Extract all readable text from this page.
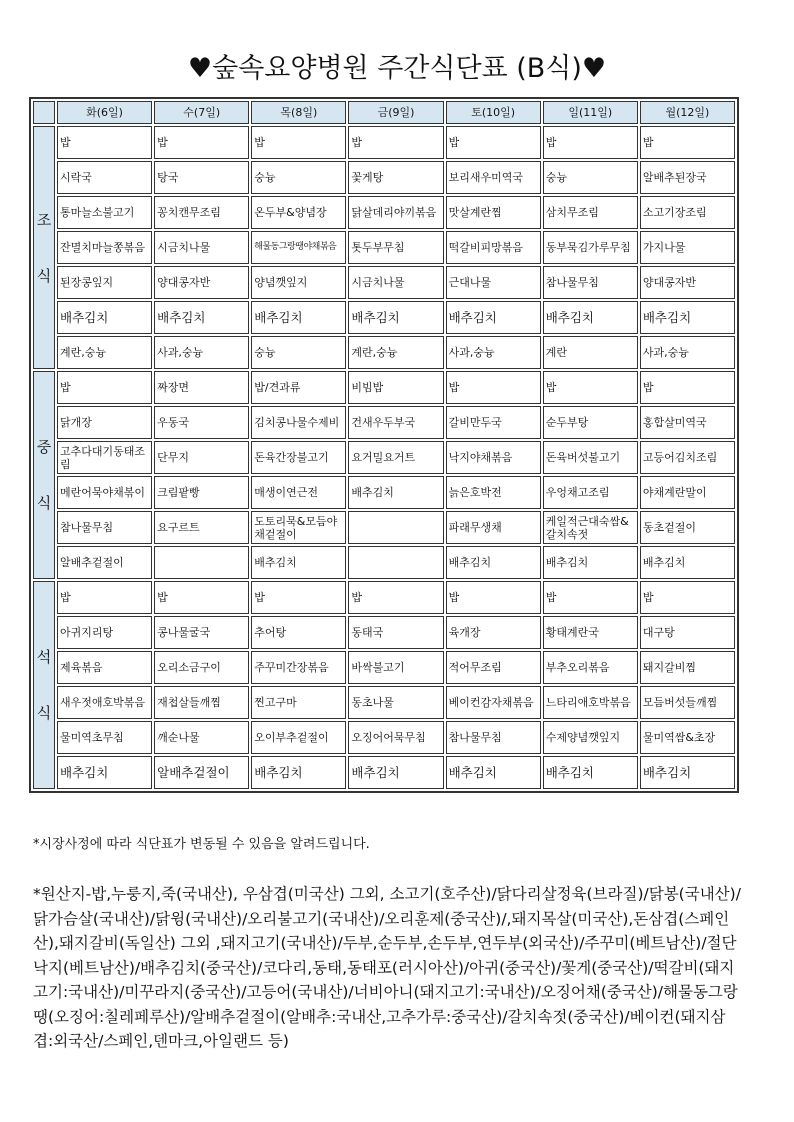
♥숲속요양병원 주간식단표 (B식)♥
	화(6일)	수(7일)	목(8일)	금(9일)	토(10일)	일(11일)	월(12일)
조

식	밥	밥	밥	밥	밥	밥	밥
	시락국	탕국	숭늉	꽃게탕	보리새우미역국	숭늉	알배추된장국
	통마늘소불고기	꽁치캔무조림	온두부&양념장	닭살데리야끼볶음	맛살계란찜	삼치무조림	소고기장조림
	잔멸치마늘쫑볶음	시금치나물	해물동그랑땡야채볶음	톳두부무침	떡갈비피망볶음	동부묵김가루무침	가지나물
	된장콩잎지	양대콩자반	양념깻잎지	시금치나물	근대나물	참나물무침	양대콩자반
	배추김치	배추김치	배추김치	배추김치	배추김치	배추김치	배추김치
	계란,숭늉	사과,숭늉	숭늉	계란,숭늉	사과,숭늉	계란	사과,숭늉
중

식	밥	짜장면	밥/견과류	비빔밥	밥	밥	밥
	닭개장	우동국	김치콩나물수제비	건새우두부국	갈비만두국	순두부탕	홍합살미역국
	고추다대기동태조림	단무지	돈육간장불고기	요거밀요거트	낙지야채볶음	돈육버섯불고기	고등어김치조림
	메란어묵야채볶이	크림팥빵	매생이연근전	배추김치	늙은호박전	우엉채고조림	야채계란말이
	참나물무침	요구르트	도토리묵&모듬야채겉절이		파래무생채	케일적근대숙쌈&갈치속젓	동초겉절이
	알배추겉절이		배추김치		배추김치	배추김치	배추김치
석

식	밥	밥	밥	밥	밥	밥	밥
	아귀지리탕	콩나물굴국	추어탕	동태국	육개장	황태계란국	대구탕
	제육볶음	오리소금구이	주꾸미간장볶음	바싹불고기	적어무조림	부추오리볶음	돼지갈비찜
	새우젓애호박볶음	재첩살들깨찜	찐고구마	동초나물	베이컨감자채볶음	느타리애호박볶음	모듬버섯들깨찜
	물미역초무침	깨순나물	오이부추겉절이	오징어어묵무침	참나물무침	수제양념깻잎지	물미역쌈&초장
	배추김치	알배추겉절이	배추김치	배추김치	배추김치	배추김치	배추김치
*시장사정에 따라 식단표가 변동될 수 있음을 알려드립니다.
*원산지-밥,누룽지,죽(국내산), 우삼겹(미국산) 그외, 소고기(호주산)/닭다리살정육(브라질)/닭봉(국내산)/닭가슴살(국내산)/닭윙(국내산)/오리불고기(국내산)/오리훈제(중국산)/,돼지목살(미국산),돈삼겹(스페인산),돼지갈비(독일산) 그외 ,돼지고기(국내산)/두부,순두부,손두부,연두부(외국산)/주꾸미(베트남산)/절단낙지(베트남산)/배추김치(중국산)/코다리,동태,동태포(러시아산)/아귀(중국산)/꽃게(중국산)/떡갈비(돼지고기:국내산)/미꾸라지(중국산)/고등어(국내산)/너비아니(돼지고기:국내산)/오징어채(중국산)/해물동그랑땡(오징어:칠레페루산)/알배추겉절이(알배추:국내산,고추가루:중국산)/갈치속젓(중국산)/베이컨(돼지삼겹:외국산/스페인,덴마크,아일랜드 등)
